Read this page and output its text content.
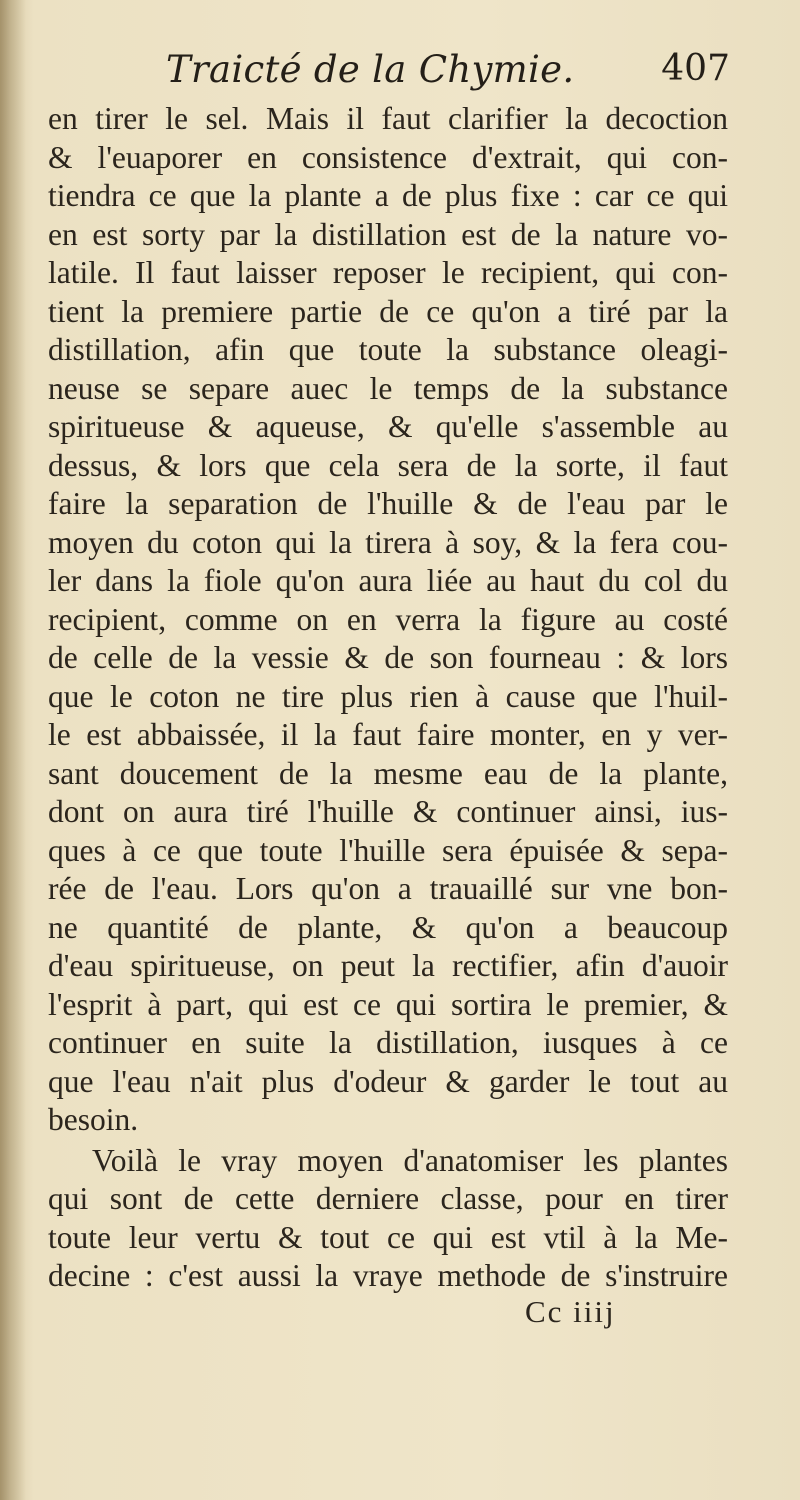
Traicté de la Chymie. 407
en tirer le sel. Mais il faut clarifier la decoction
& l'euaporer en consistence d'extrait, qui con-
tiendra ce que la plante a de plus fixe : car ce qui
en est sorty par la distillation est de la nature vo-
latile. Il faut laisser reposer le recipient, qui con-
tient la premiere partie de ce qu'on a tiré par la
distillation, afin que toute la substance oleagi-
neuse se separe auec le temps de la substance
spiritueuse & aqueuse, & qu'elle s'assemble au
dessus, & lors que cela sera de la sorte, il faut
faire la separation de l'huille & de l'eau par le
moyen du coton qui la tirera à soy, & la fera cou-
ler dans la fiole qu'on aura liée au haut du col du
recipient, comme on en verra la figure au costé
de celle de la vessie & de son fourneau : & lors
que le coton ne tire plus rien à cause que l'huil-
le est abbaissée, il la faut faire monter, en y ver-
sant doucement de la mesme eau de la plante,
dont on aura tiré l'huille & continuer ainsi, ius-
ques à ce que toute l'huille sera épuisée & sepa-
rée de l'eau. Lors qu'on a trauaillé sur vne bon-
ne quantité de plante, & qu'on a beaucoup
d'eau spiritueuse, on peut la rectifier, afin d'auoir
l'esprit à part, qui est ce qui sortira le premier, &
continuer en suite la distillation, iusques à ce
que l'eau n'ait plus d'odeur & garder le tout au
besoin.
Voilà le vray moyen d'anatomiser les plantes
qui sont de cette derniere classe, pour en tirer
toute leur vertu & tout ce qui est vtil à la Me-
decine : c'est aussi la vraye methode de s'instruire
Cc iiij
